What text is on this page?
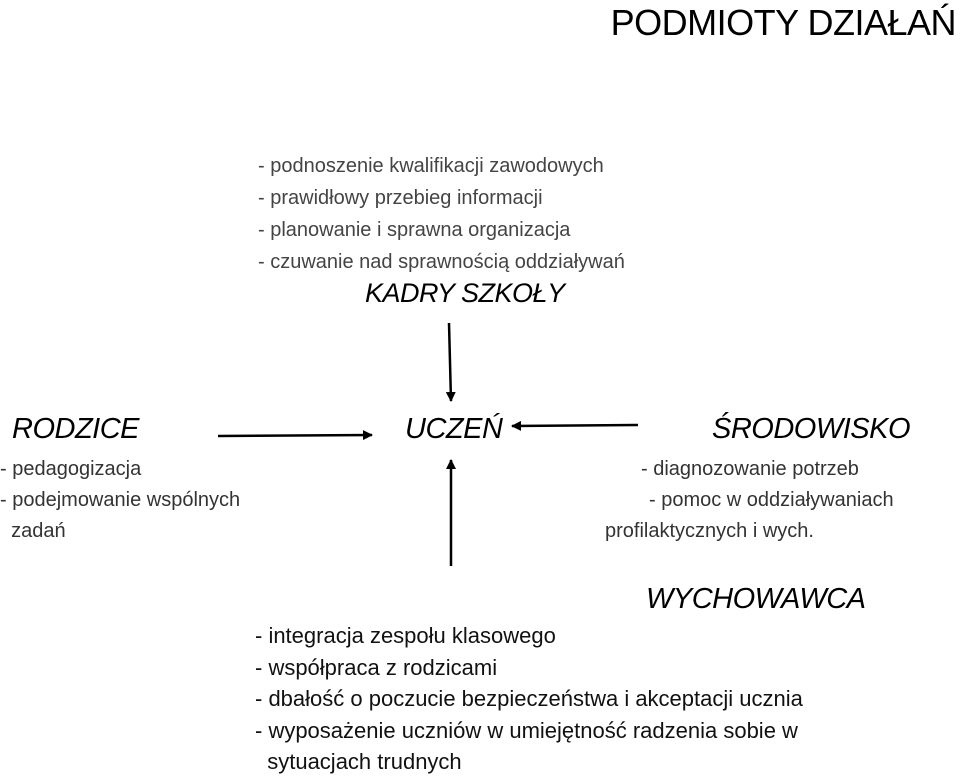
PODMIOTY DZIAŁAŃ
- podnoszenie kwalifikacji zawodowych
- prawidłowy przebieg informacji
- planowanie i sprawna organizacja
- czuwanie nad sprawnością oddziaływań
KADRY SZKOŁY
RODZICE	UCZEŃ	ŚRODOWISKO
- pedagogizacja
- podejmowanie wspólnych
zadań
- diagnozowanie potrzeb
- pomoc w oddziaływaniach
profilaktycznych i wych.
WYCHOWAWCA
- integracja zespołu klasowego
- współpraca z rodzicami
- dbałość o poczucie bezpieczeństwa i akceptacji ucznia
- wyposażenie uczniów w umiejętność radzenia sobie w
sytuacjach trudnych
